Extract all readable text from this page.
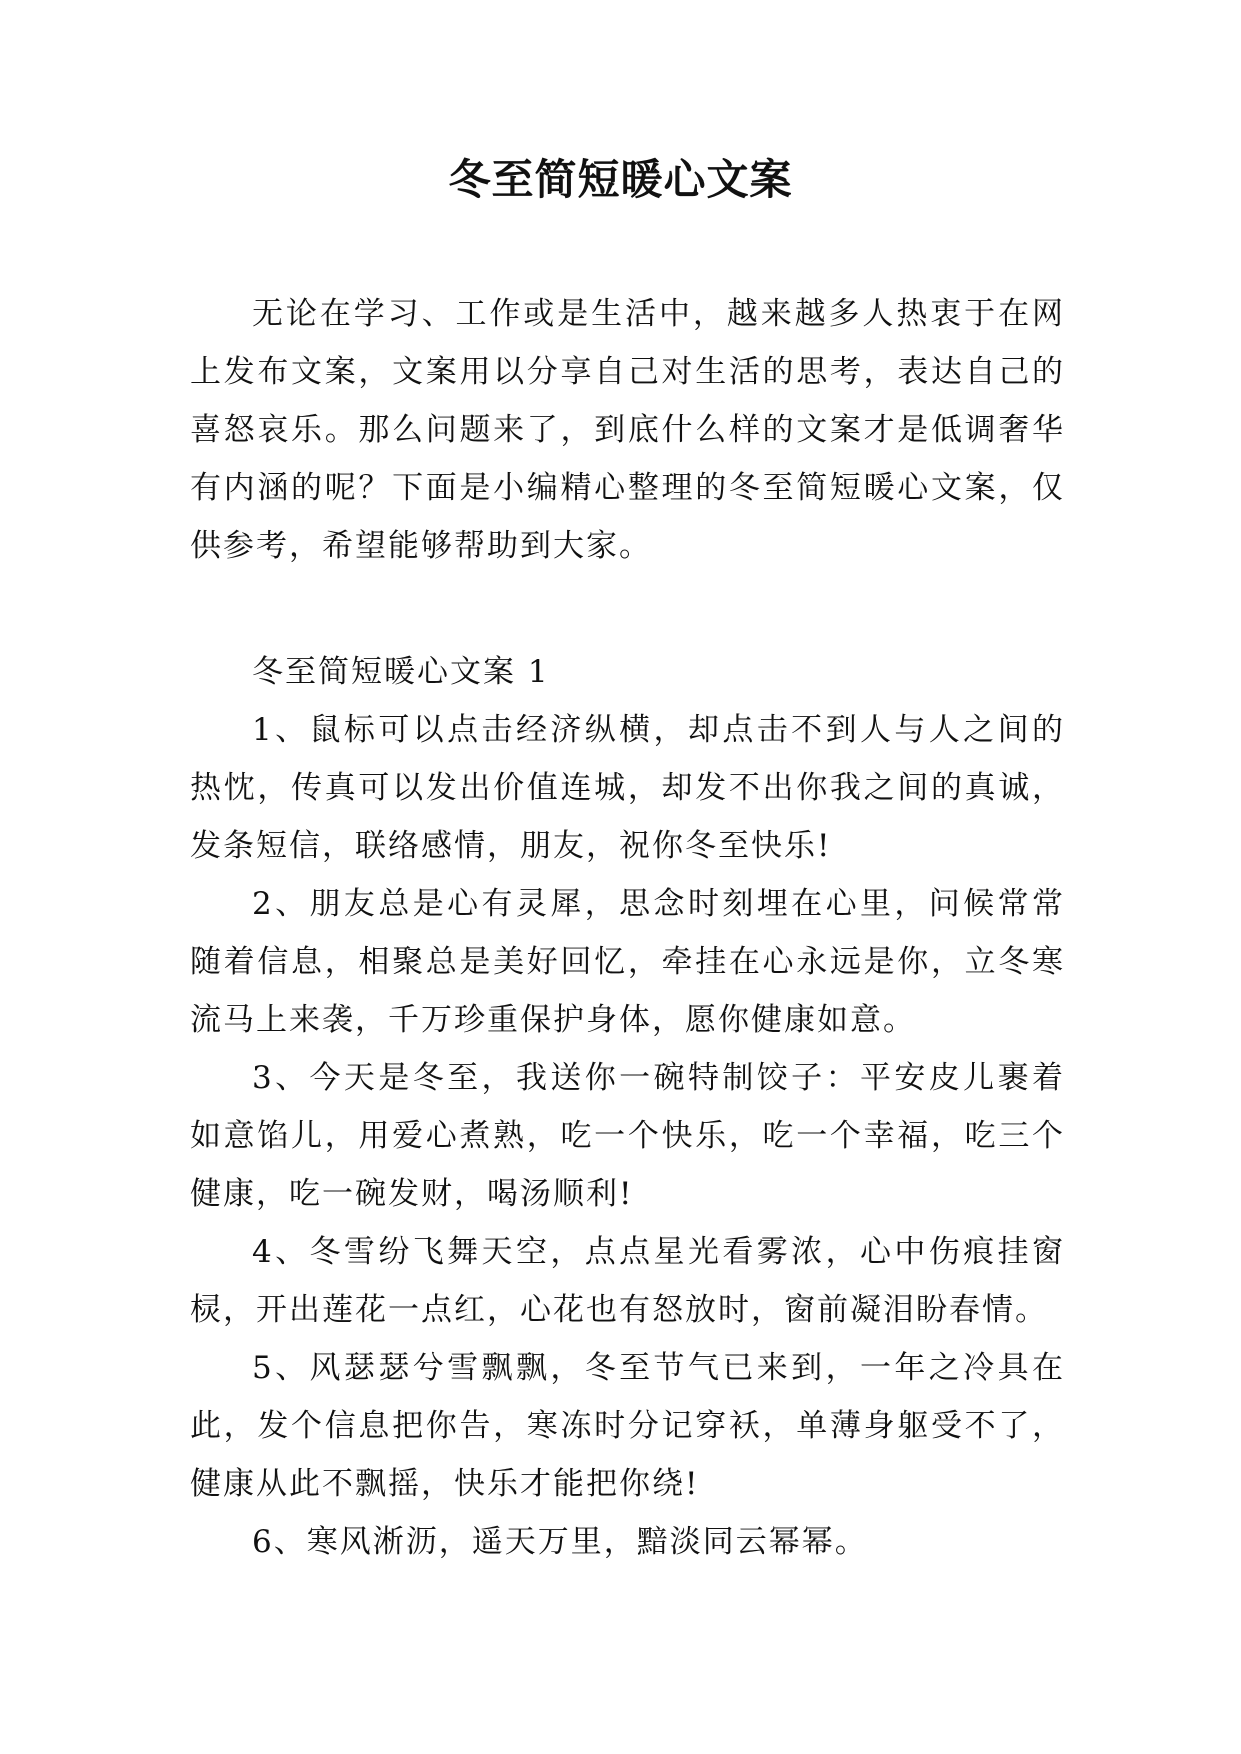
冬至简短暖心文案

无论在学习、工作或是生活中，越来越多人热衷于在网上发布文案，文案用以分享自己对生活的思考，表达自己的喜怒哀乐。那么问题来了，到底什么样的文案才是低调奢华有内涵的呢？下面是小编精心整理的冬至简短暖心文案，仅供参考，希望能够帮助到大家。

冬至简短暖心文案 1

1、鼠标可以点击经济纵横，却点击不到人与人之间的热忱，传真可以发出价值连城，却发不出你我之间的真诚，发条短信，联络感情，朋友，祝你冬至快乐!

2、朋友总是心有灵犀，思念时刻埋在心里，问候常常随着信息，相聚总是美好回忆，牵挂在心永远是你，立冬寒流马上来袭，千万珍重保护身体，愿你健康如意。

3、今天是冬至，我送你一碗特制饺子：平安皮儿裹着如意馅儿，用爱心煮熟，吃一个快乐，吃一个幸福，吃三个健康，吃一碗发财，喝汤顺利!

4、冬雪纷飞舞天空，点点星光看雾浓，心中伤痕挂窗棂，开出莲花一点红，心花也有怒放时，窗前凝泪盼春情。

5、风瑟瑟兮雪飘飘，冬至节气已来到，一年之冷具在此，发个信息把你告，寒冻时分记穿袄，单薄身躯受不了，健康从此不飘摇，快乐才能把你绕!

6、寒风淅沥，遥天万里，黯淡同云幂幂。
